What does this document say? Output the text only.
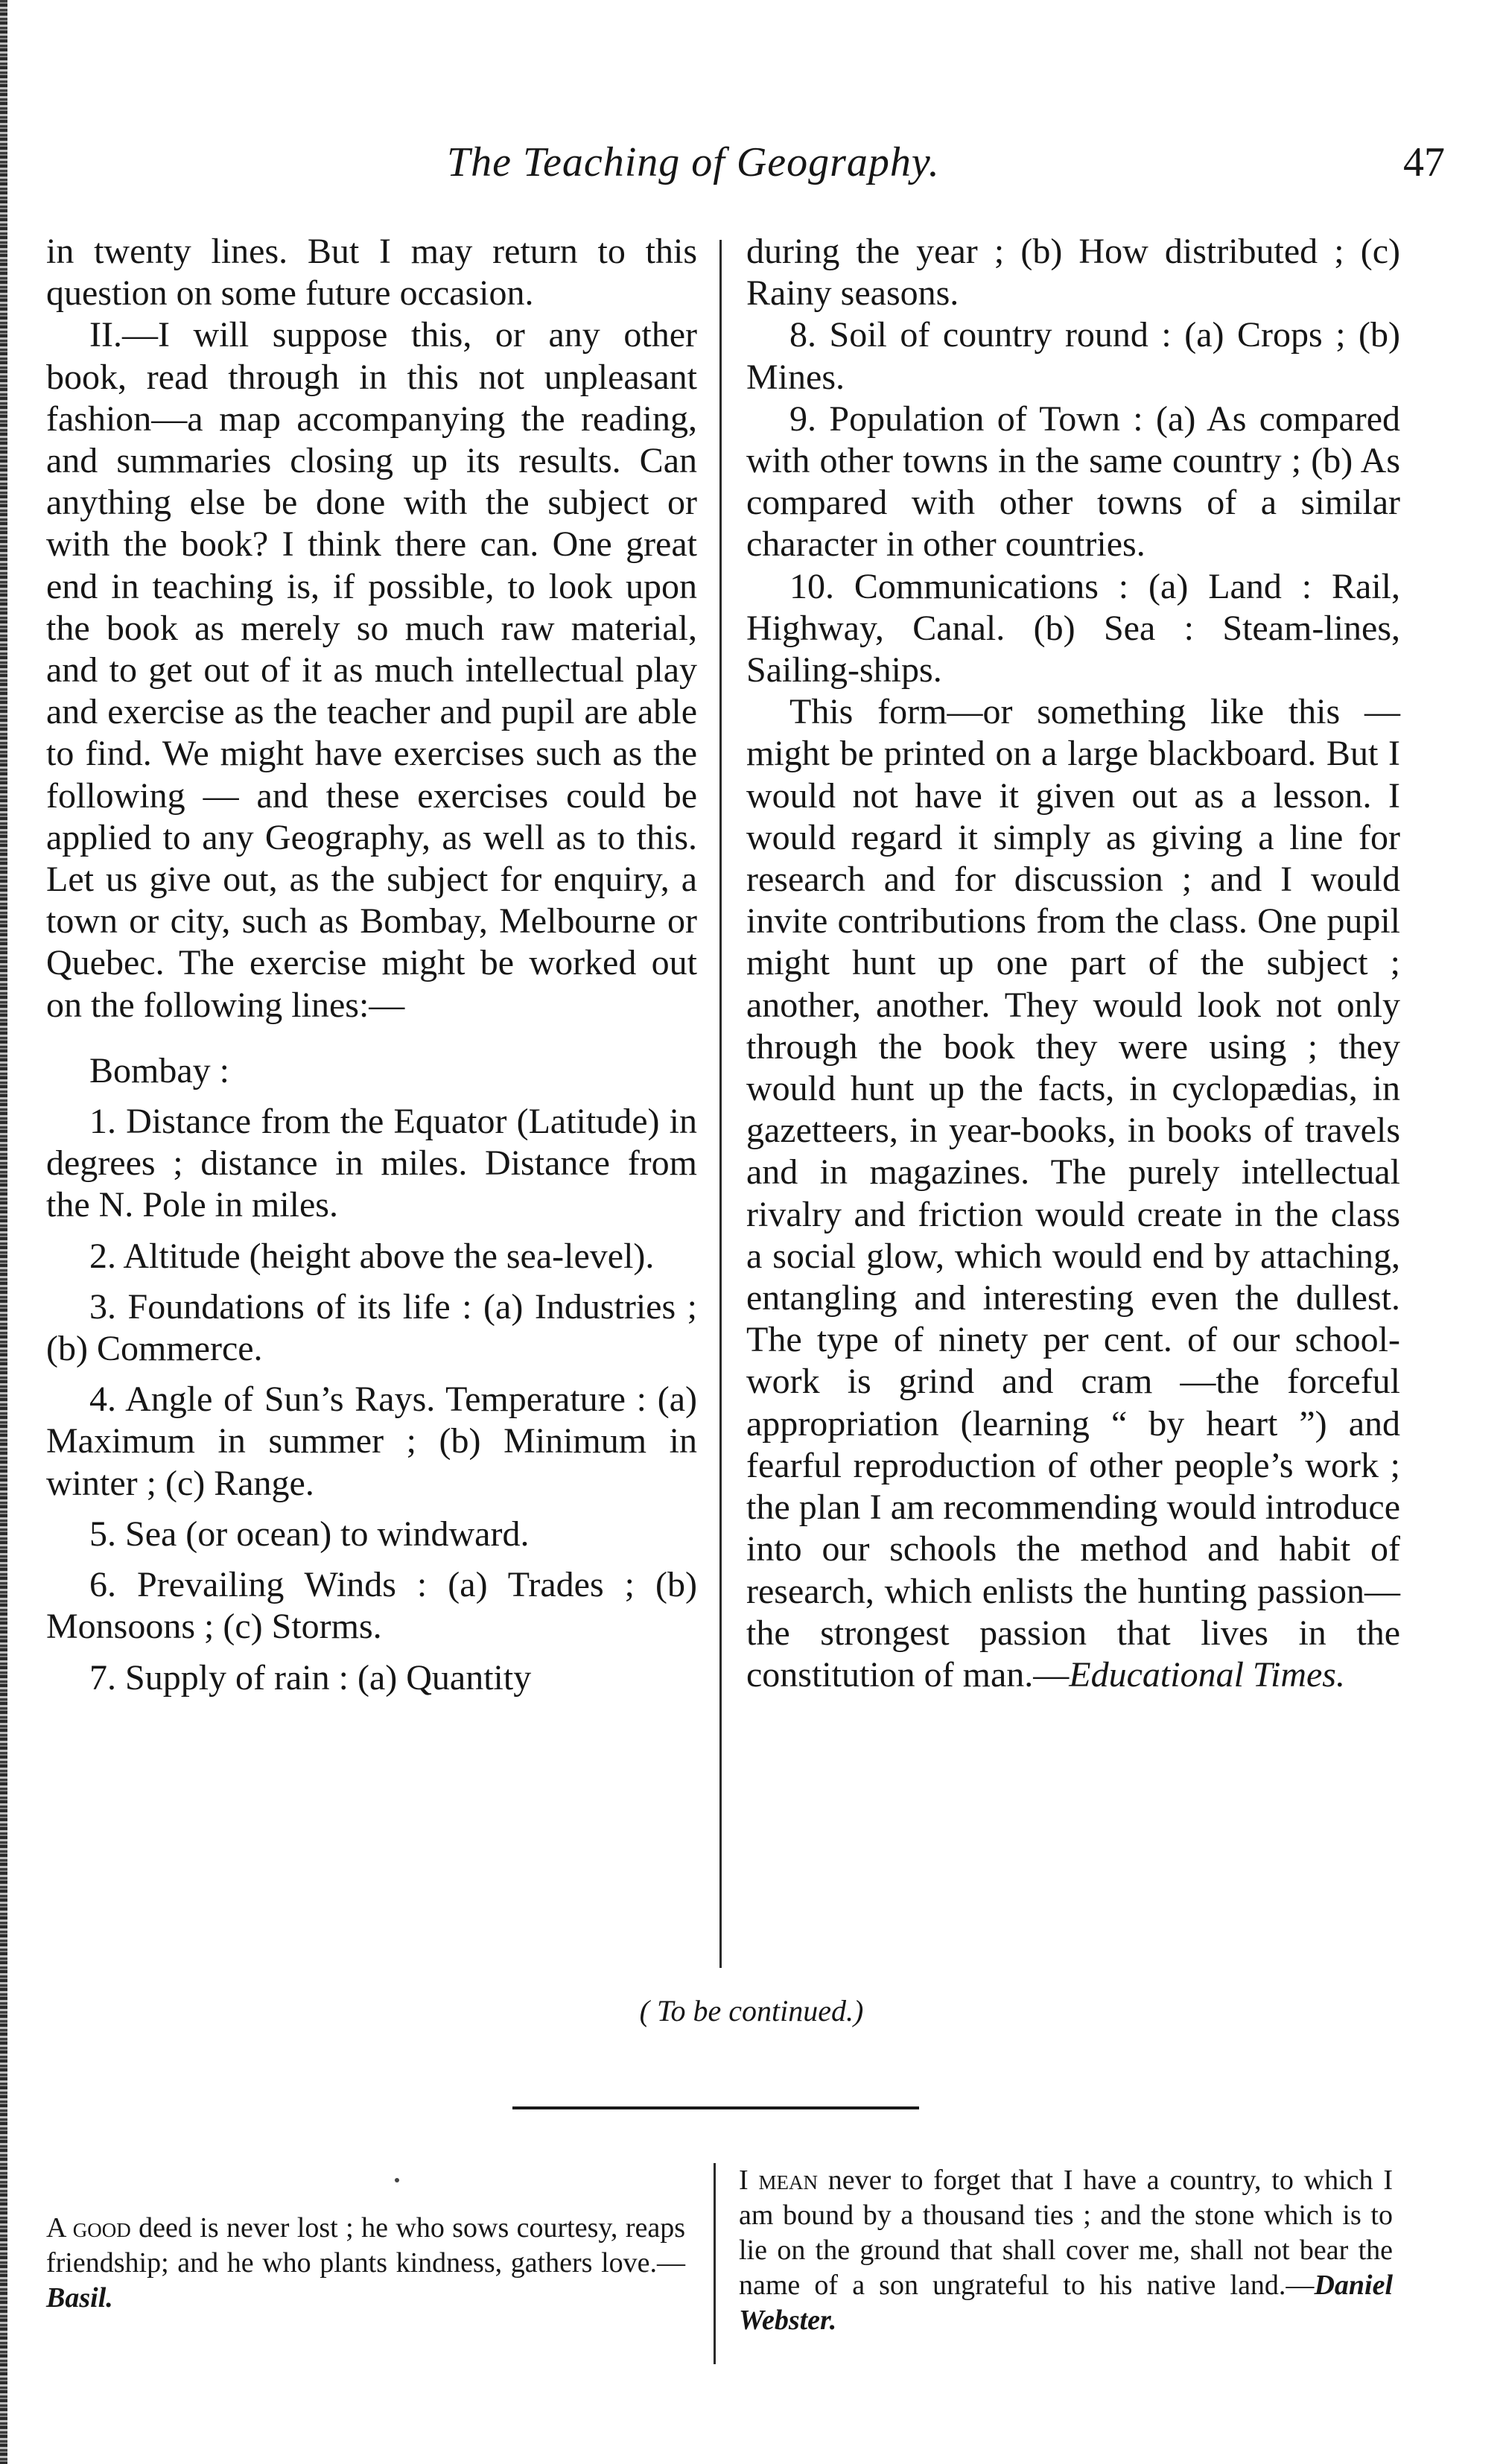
The Teaching of Geography.	47

in twenty lines. But I may return to this question on some future occasion.

II.—I will suppose this, or any other book, read through in this not unpleasant fashion—a map accompanying the reading, and summaries closing up its results. Can anything else be done with the subject or with the book? I think there can. One great end in teaching is, if possible, to look upon the book as merely so much raw material, and to get out of it as much intellectual play and exercise as the teacher and pupil are able to find. We might have exercises such as the following — and these exercises could be applied to any Geography, as well as to this. Let us give out, as the subject for enquiry, a town or city, such as Bombay, Melbourne or Quebec. The exercise might be worked out on the following lines:—

Bombay :

1. Distance from the Equator (Latitude) in degrees ; distance in miles. Distance from the N. Pole in miles.

2. Altitude (height above the sea-level).

3. Foundations of its life : (a) Industries ; (b) Commerce.

4. Angle of Sun’s Rays. Temperature : (a) Maximum in summer ; (b) Minimum in winter ; (c) Range.

5. Sea (or ocean) to windward.

6. Prevailing Winds : (a) Trades ; (b) Monsoons ; (c) Storms.

7. Supply of rain : (a) Quantity

during the year ; (b) How distributed ; (c) Rainy seasons.

8. Soil of country round : (a) Crops ; (b) Mines.

9. Population of Town : (a) As compared with other towns in the same country ; (b) As compared with other towns of a similar character in other countries.

10. Communications : (a) Land : Rail, Highway, Canal. (b) Sea : Steam-lines, Sailing-ships.

This form—or something like this —might be printed on a large blackboard. But I would not have it given out as a lesson. I would regard it simply as giving a line for research and for discussion ; and I would invite contributions from the class. One pupil might hunt up one part of the subject ; another, another. They would look not only through the book they were using ; they would hunt up the facts, in cyclopædias, in gazetteers, in year-books, in books of travels and in magazines. The purely intellectual rivalry and friction would create in the class a social glow, which would end by attaching, entangling and interesting even the dullest. The type of ninety per cent. of our school-work is grind and cram —the forceful appropriation (learning “ by heart ”) and fearful reproduction of other people’s work ; the plan I am recommending would introduce into our schools the method and habit of research, which enlists the hunting passion—the strongest passion that lives in the constitution of man.—Educational Times.

( To be continued.)
A good deed is never lost ; he who sows courtesy, reaps friendship; and he who plants kindness, gathers love.—Basil.
I mean never to forget that I have a country, to which I am bound by a thousand ties ; and the stone which is to lie on the ground that shall cover me, shall not bear the name of a son ungrateful to his native land.—Daniel Webster.
